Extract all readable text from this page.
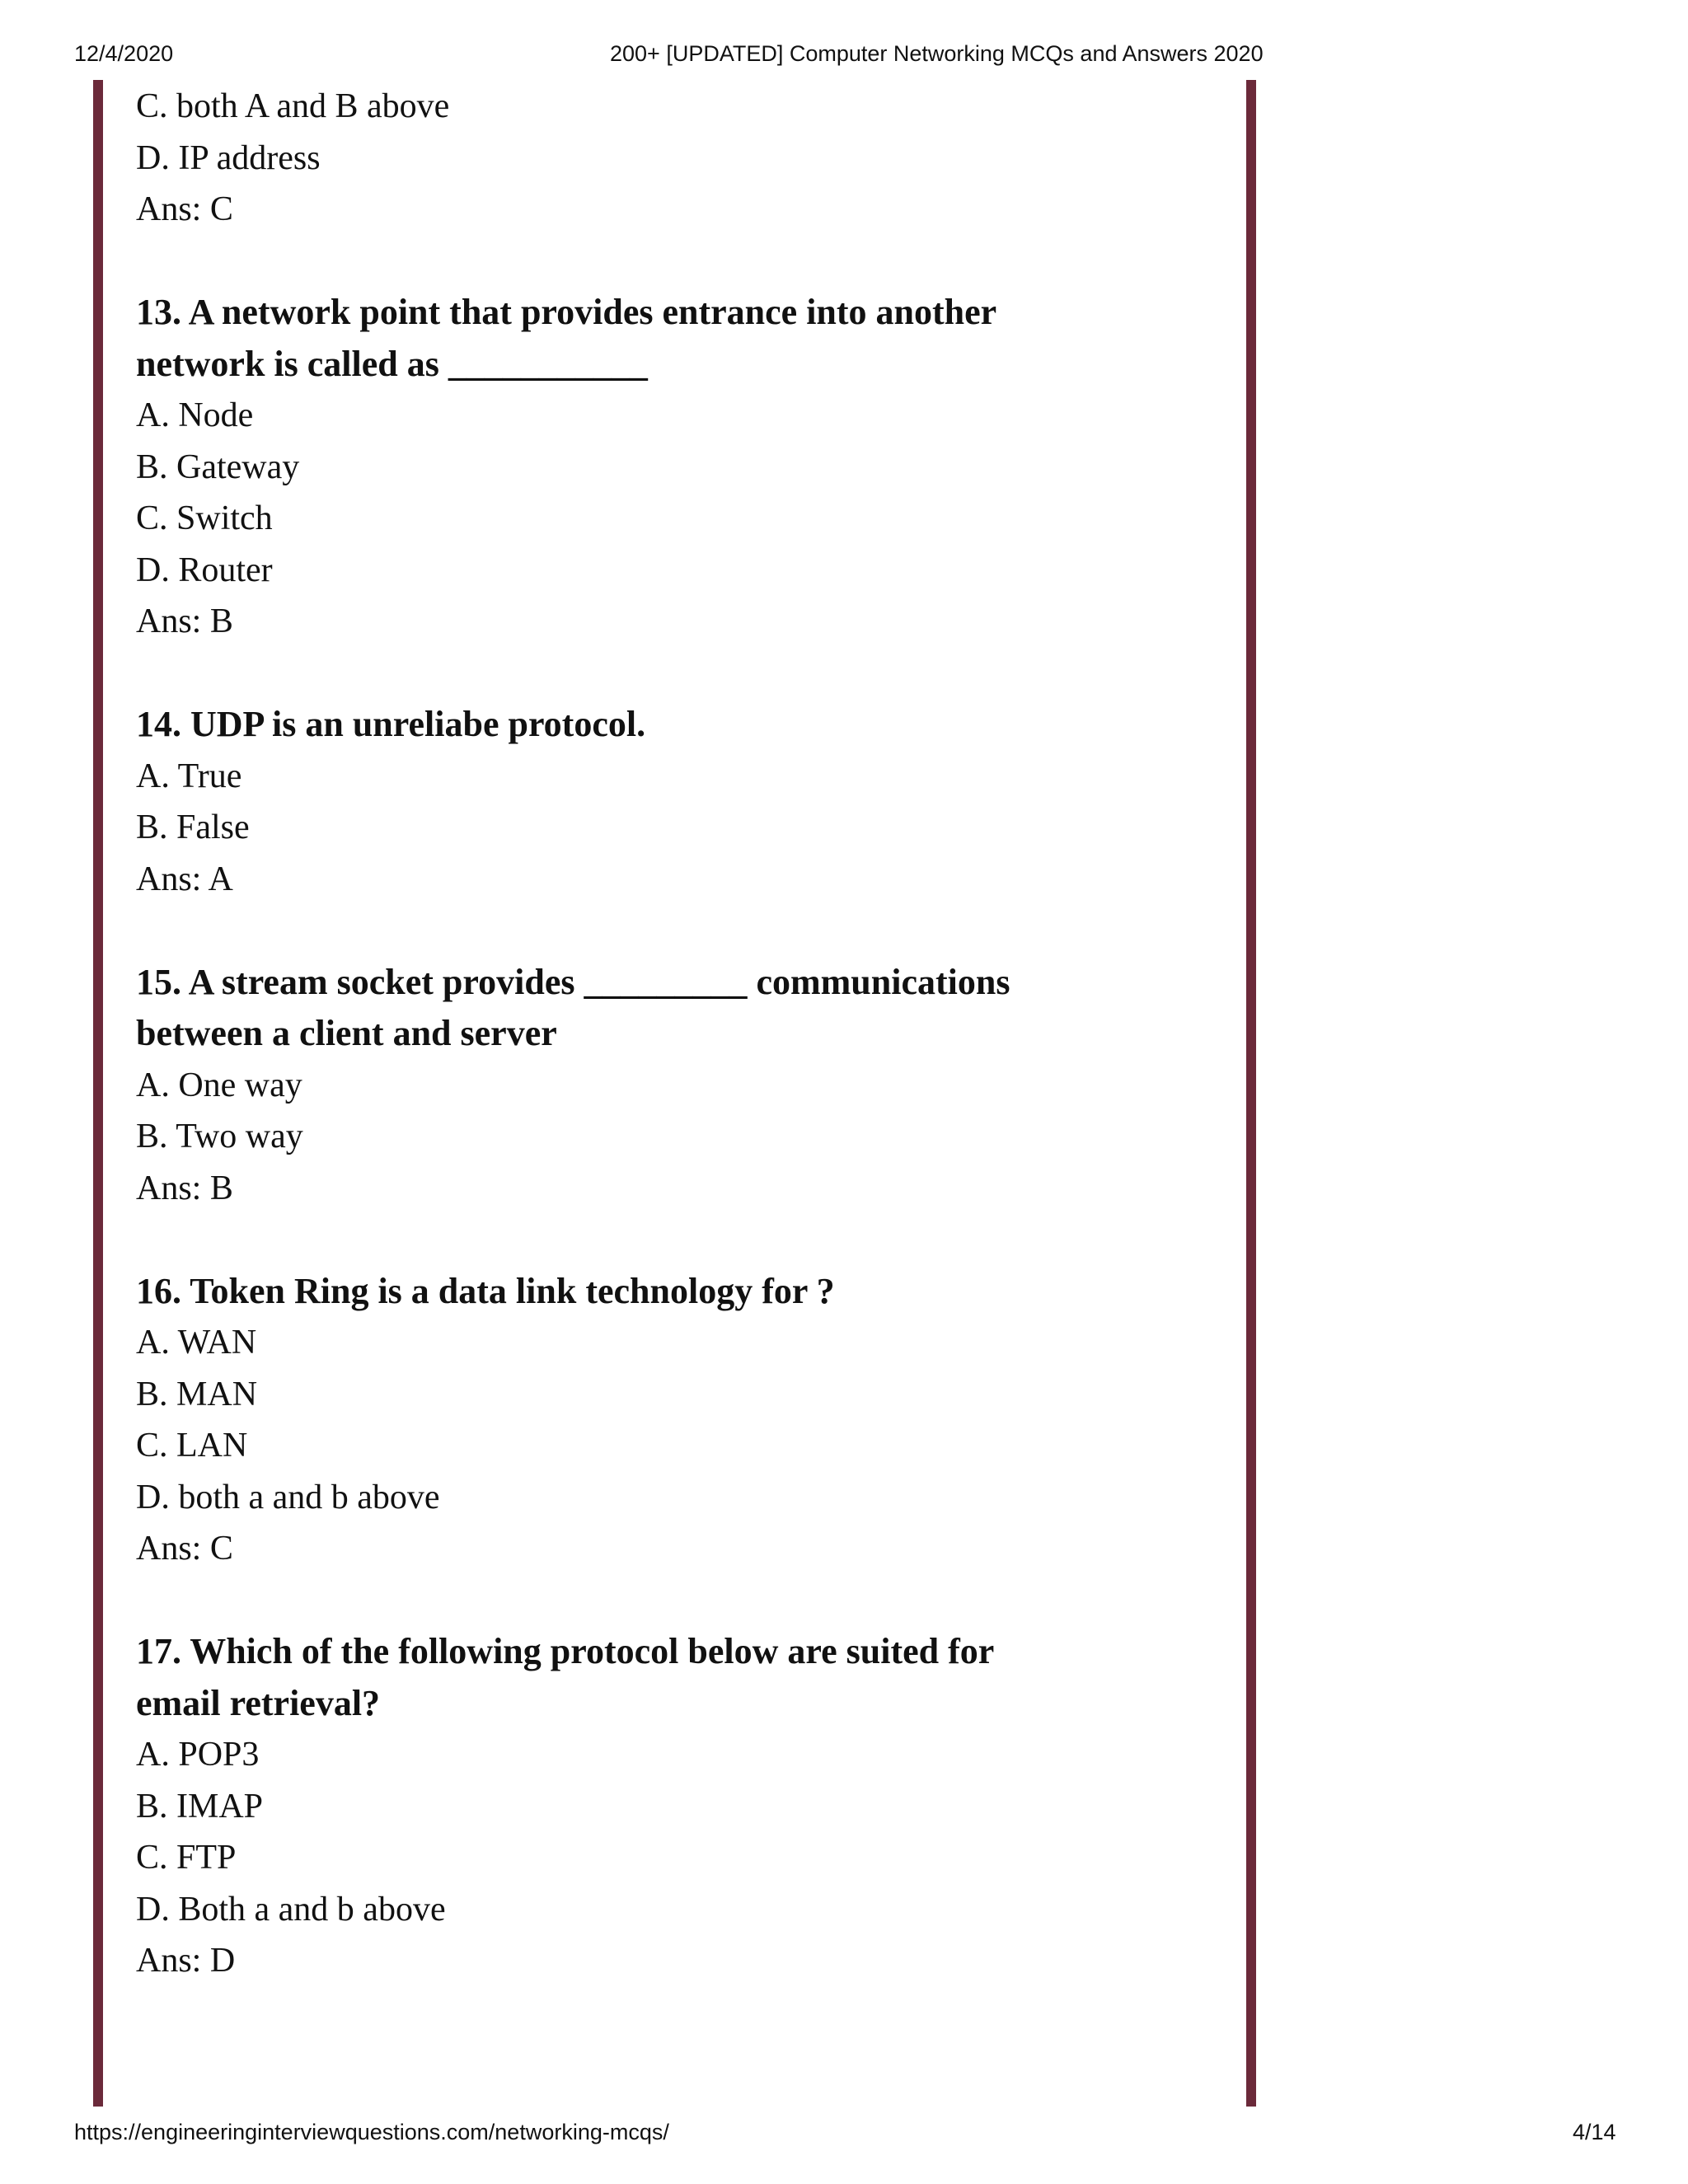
12/4/2020	200+ [UPDATED] Computer Networking MCQs and Answers 2020
C. both A and B above
D. IP address
Ans: C
13. A network point that provides entrance into another
network is called as ___________
A. Node
B. Gateway
C. Switch
D. Router
Ans: B
14. UDP is an unreliabe protocol.
A. True
B. False
Ans: A
15. A stream socket provides _________ communications
between a client and server
A. One way
B. Two way
Ans: B
16. Token Ring is a data link technology for ?
A. WAN
B. MAN
C. LAN
D. both a and b above
Ans: C
17. Which of the following protocol below are suited for
email retrieval?
A. POP3
B. IMAP
C. FTP
D. Both a and b above
Ans: D
https://engineeringinterviewquestions.com/networking-mcqs/	4/14
